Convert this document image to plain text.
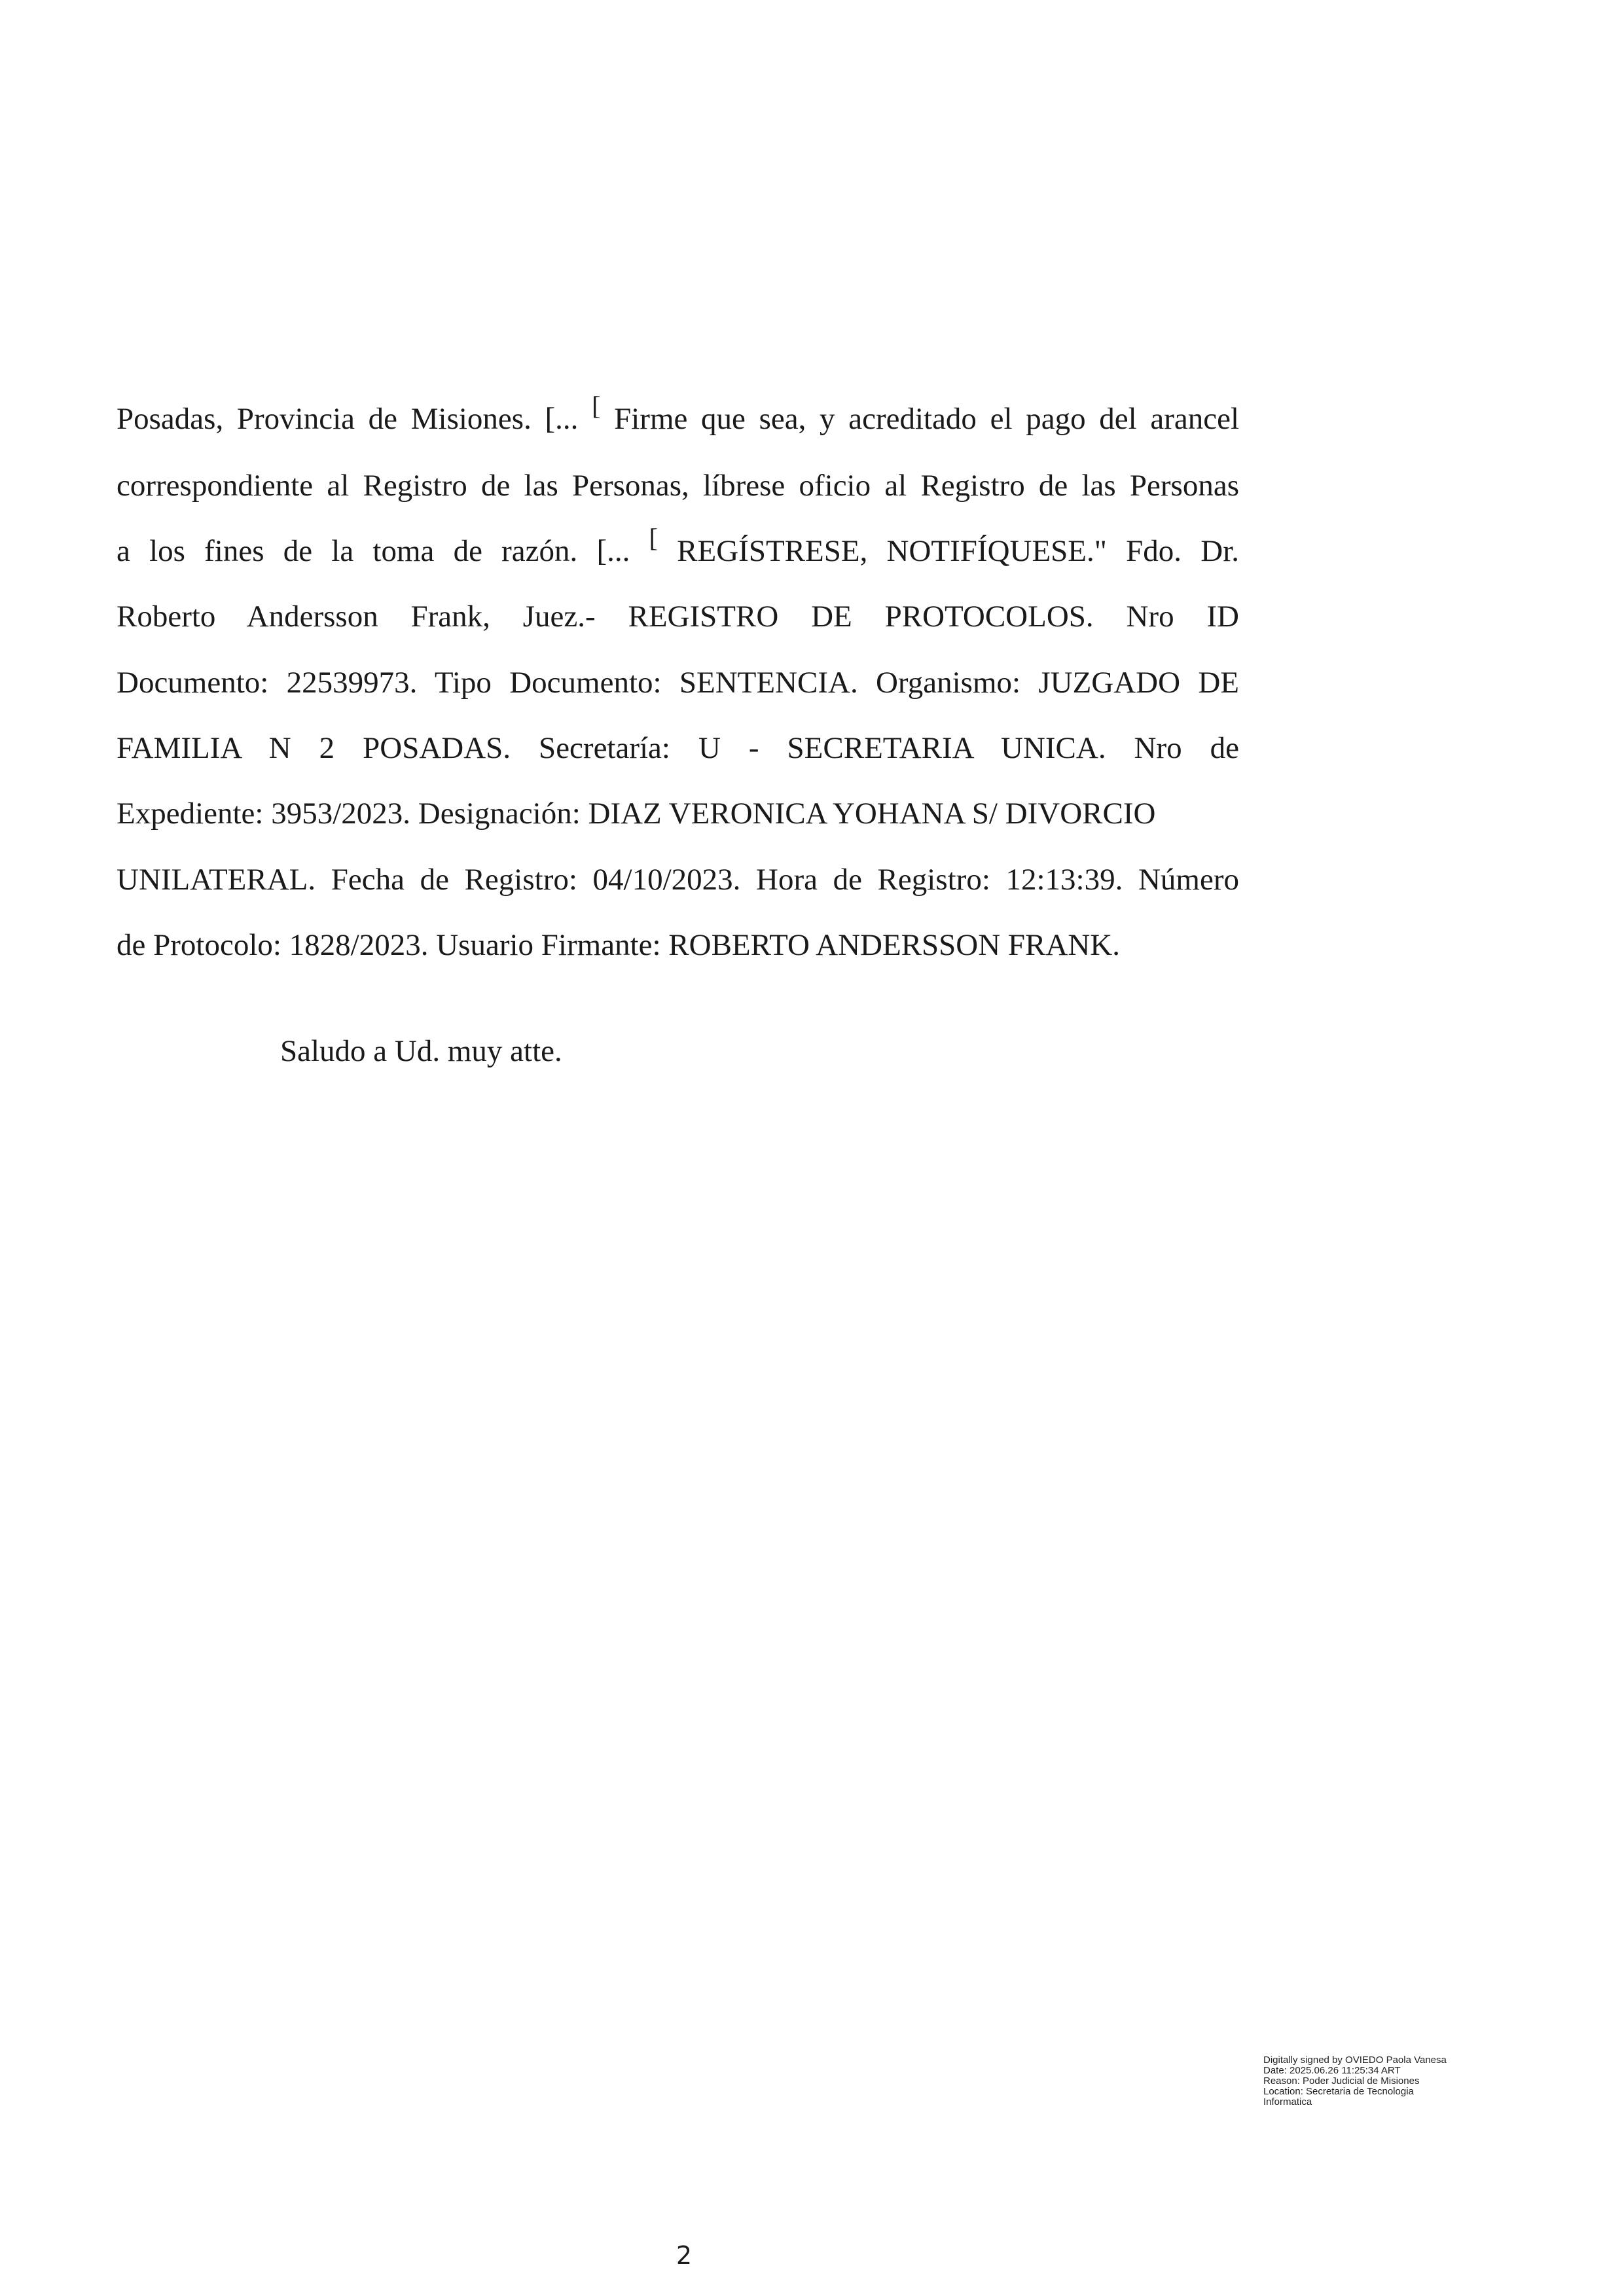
Posadas, Provincia de Misiones. [... [ Firme que sea, y acreditado el pago del arancel
correspondiente al Registro de las Personas, líbrese oficio al Registro de las Personas
a los fines de la toma de razón. [... [ REGÍSTRESE, NOTIFÍQUESE." Fdo. Dr.
Roberto Andersson Frank, Juez.- REGISTRO DE PROTOCOLOS. Nro ID
Documento: 22539973. Tipo Documento: SENTENCIA. Organismo: JUZGADO DE
FAMILIA N 2 POSADAS. Secretaría: U - SECRETARIA UNICA. Nro de
Expediente: 3953/2023. Designación: DIAZ VERONICA YOHANA S/ DIVORCIO
UNILATERAL. Fecha de Registro: 04/10/2023. Hora de Registro: 12:13:39. Número
de Protocolo: 1828/2023. Usuario Firmante: ROBERTO ANDERSSON FRANK.
Saludo a Ud. muy atte.
Digitally signed by OVIEDO Paola Vanesa
Date: 2025.06.26 11:25:34 ART
Reason: Poder Judicial de Misiones
Location: Secretaria de Tecnologia
Informatica
2
